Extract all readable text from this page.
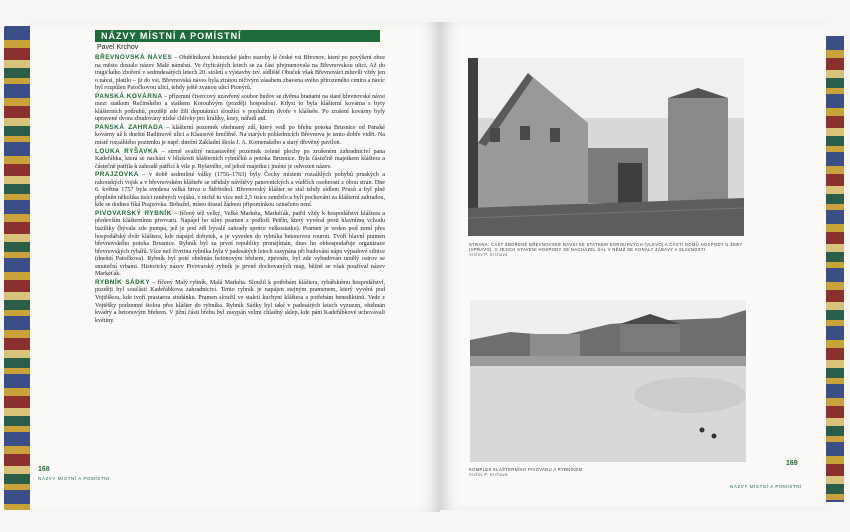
NÁZVY MÍSTNÍ A POMÍSTNÍ
Pavel Krchov

BŘEVNOVSKÁ NÁVES – Obdélníkové historické jádro staroby lé české vsi Břevnov, které po povýšení obce na město dostalo název Malé náměstí. Ve čtyřicátých letech se za část přejmenovala na Břevnovskou ulici. Až do tragického zboření v sedmdesátých letech 20. století s výstavby tzv. sídliště Obuček však Břevnováci mluvili vždy jen o návsi, platilo – jít do vsi. Břevnovská náves byla ztrátou ničivým zásahem zbavena svého přirozeného centra a navíc byl rozpůlen Patočkovou ulicí, tehdy ještě zvanou ulicí Pionýrů.

PANSKÁ KOVÁRNA – přízemní čtvercový uzavřený soubor budov se dvěma branami na staré břevnovské návsi mezi statkem Rečinského a statkem Korouhvým (později hospodou). Kdysi to byla klášterní kovárna s byty klášterních podruhů, později zde žili deputátníci sloužící v poplužním dvoře v klášteře. Po zrušení kovárny byly upravené dvora zbudovány nízké chlívky pro králíky, kozy, nářadí atd.

PANSKÁ ZAHRADA – klášterní pozemek obehnaný zdí, který vedl po břehu potoka Brusnice od Panské kovárny až k dnešní Radimově ulici a Klausově hrnčířně. Na starých pohlednicích Břevnova je tento dobře vidět. Na místě rozsáhlého pozemku je např. dnešní Základní škola J. A. Komenského a starý dřevěný pavilon.

LOUKA RYŠAVKA – strmě svažitý nezastavěný pozemek zelené plochy po zrušeném zahradnictví pana Kadeřábka, která se nachází v blízkosti klášterních rybníčků a potoka Brusnice. Byla částečně majetkem kláštera a částečně patřila k zahradě patřící k vile p. Ryšavého, od jehož majetku i jméno je odvozen název.

PRAJZOVKA – v době sedmileté války (1756–1763) byly Čechy místem rozsáhlých pohybů pruských a rakouských vojsk a v břevnovském klášteře se střídaly návštěvy panovnických a vůdčích osobností z obou stran. Dne 6. května 1757 byla svedena velká bitva u Štěrbohol. Břevnovský klášter se stal tehdy sídlem Prusů a byl plně přeplněn několika tisíci raněných vojáků, z nichž tu více než 2,5 tisíce zemřelo a byli pochováni za klášterní zahradou, kde se dodnes říká Prajzovka. Bohužel, místo dosud žádnou připomínkou označeno není.

PIVOVARSKÝ RYBNÍK – říčený též velký, Velká Markéta, Markéťák, patřil vždy k hospodářství kláštera a především klášternímu pivovaru. Napájel ho silný pramen z podloží Petřín, který vyvěral proti hlavnímu vchodu baziliky (bývala zde pumpa, jež je pod zdí bývalé zahrady sprnce velkostatku). Pramen je veden pod zemí přes hospodářský dvůr kláštera, kde napájel dobytek, a je vyveden do rybníka betonovou rourou. Tvoří hlavní pramen břevnovského potoka Brusnice. Rybník byl za první republiky pronajímán, dnes ho obhospodařuje organizace břevnovských rybářů. Více než čtvrtina rybníka byla v padesátých letech zasypána při budování nápu výpadové silnice (dnešní Patočkova). Rybník byl poté obehnán betonovým břehem, zpevněn, byl zde vybudován umělý ostrov se smuteční vrbami. Historický název Pivovarský rybník je prvně dochovaných map, běžně se však používal název Markéťák.

RYBNÍK SÁDKY – říčený Malý rybník, Malá Markéta. Sloužil k potřebám kláštera, rybářskému hospodářství, později byl součástí Kadeřábkova zahradnictví. Tento rybník je napájen stejným pramenem, který vyvěrá pod Vojtěškou, kde tvoří prastarou studánku. Pramen sloužil ve staletí kuchyni kláštera a potřebám benediktinů. Vede z Vojtěšky podzemní štolou přes klášter do rybníka. Rybník Sádky byl také v padesátých letech vyzuzen, obehnán kvádry a betonovým břehem. V jižní části břehu byl zasypán velmi chladný sklep, kde páni Kadeřábkové uchovávali květiny.

168
NÁZVY MÍSTNÍ A POMÍSTNÍ
STRANA: ČÁST ZBOŘENÉ BŘEVNOVSKÉ NÁVSI SE STATKEM KOROUHVÝCH (VLEVO) A ČÁSTÍ DOMŮ HOSPODY U ŽEBY (VPRAVO). V JEJICH STAVENÍ HOSPODY SE NACHÁZEL SÁL V NĚMŽ SE KONALY ZÁBAVY A SLAVNOSTI
Archiv P. Krchova
KOMPLEX KLÁŠTERNÍHO PIVOVARU A RYBNÍKEM
Archiv P. Krchova
169
NÁZVY MÍSTNÍ A POMÍSTNÍ
